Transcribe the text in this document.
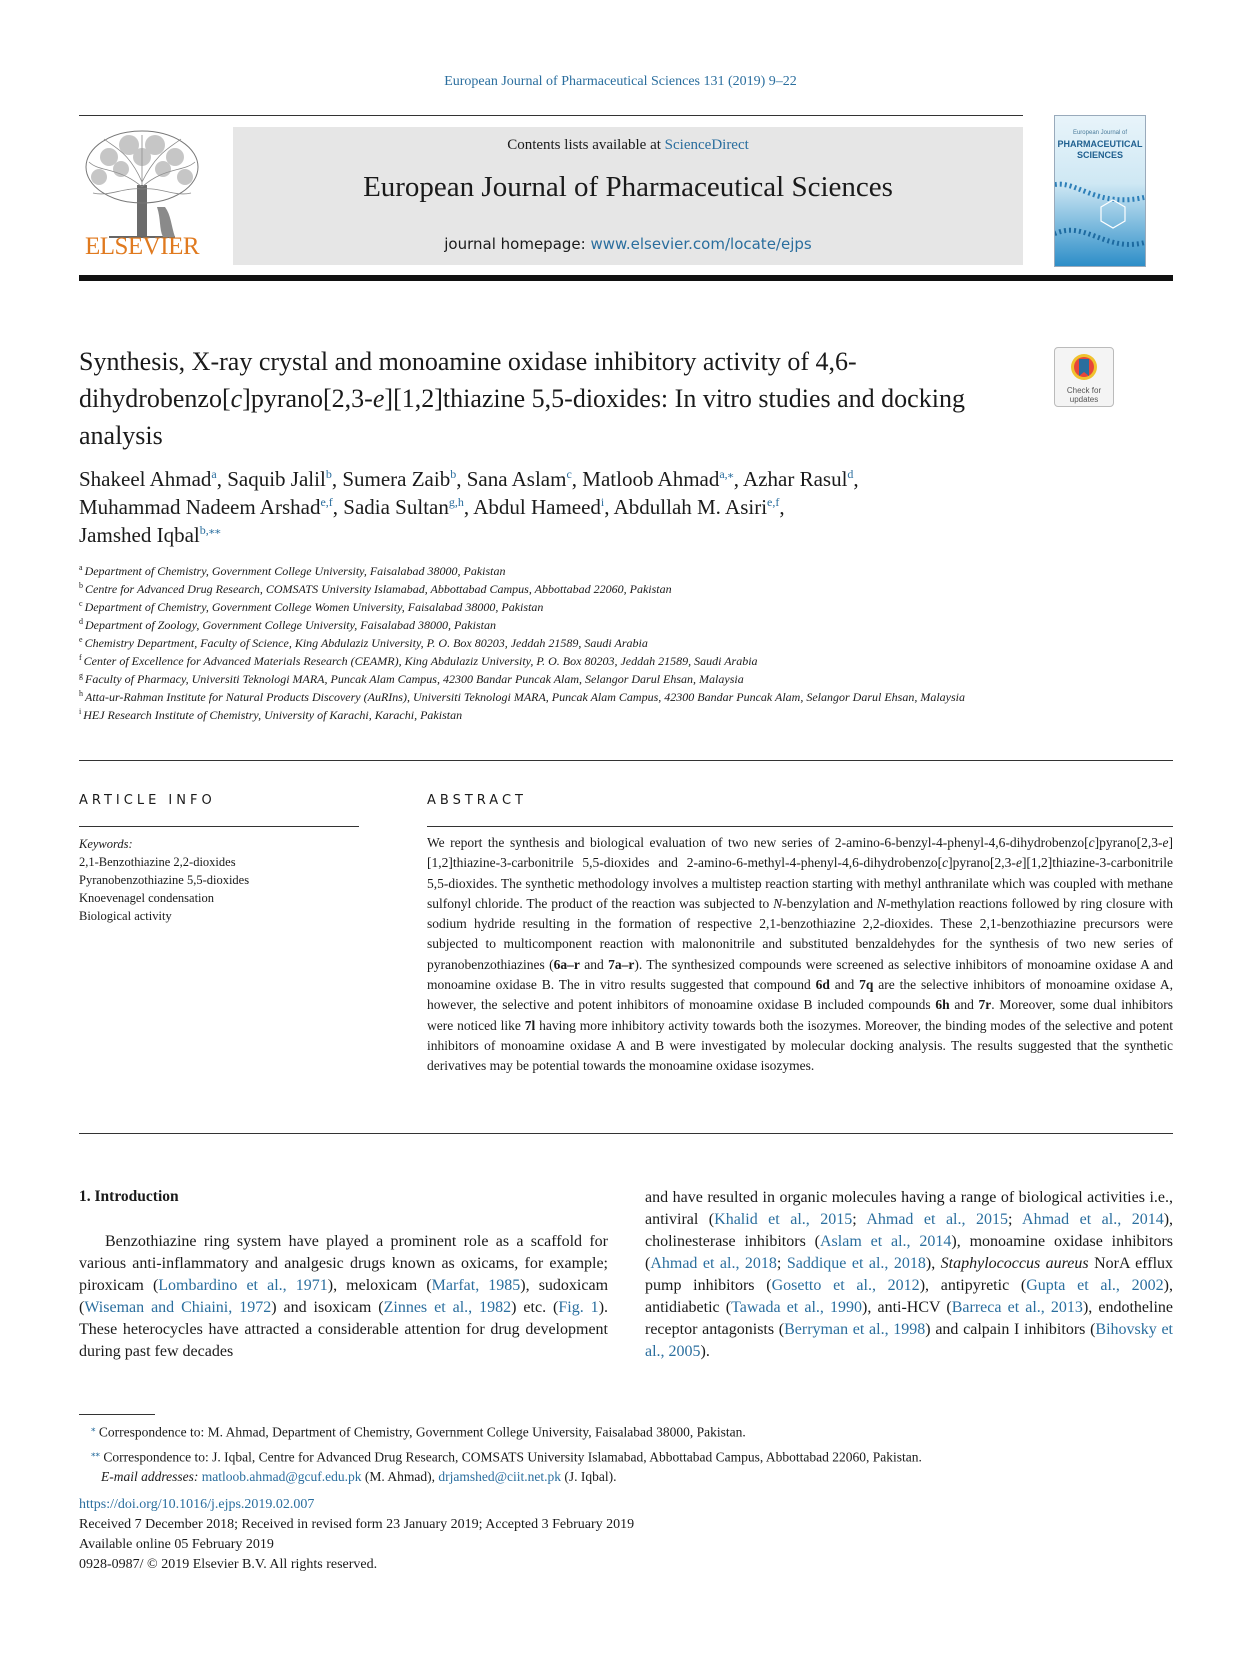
European Journal of Pharmaceutical Sciences 131 (2019) 9–22
ELSEVIER
Contents lists available at ScienceDirect
European Journal of Pharmaceutical Sciences
journal homepage: www.elsevier.com/locate/ejps
European Journal of
PHARMACEUTICAL
SCIENCES
Synthesis, X-ray crystal and monoamine oxidase inhibitory activity of 4,6-dihydrobenzo[c]pyrano[2,3-e][1,2]thiazine 5,5-dioxides: In vitro studies and docking analysis
Check for
updates
Shakeel Ahmad$^a$, Saquib Jalil$^b$, Sumera Zaib$^b$, Sana Aslam$^c$, Matloob Ahmad$^{a,⁎}$, Azhar Rasul$^d$,
Muhammad Nadeem Arshad$^{e,f}$, Sadia Sultan$^{g,h}$, Abdul Hameed$^i$, Abdullah M. Asiri$^{e,f}$,
Jamshed Iqbal$^{b,⁎⁎}$
$^a$ Department of Chemistry, Government College University, Faisalabad 38000, Pakistan
$^b$ Centre for Advanced Drug Research, COMSATS University Islamabad, Abbottabad Campus, Abbottabad 22060, Pakistan
$^c$ Department of Chemistry, Government College Women University, Faisalabad 38000, Pakistan
$^d$ Department of Zoology, Government College University, Faisalabad 38000, Pakistan
$^e$ Chemistry Department, Faculty of Science, King Abdulaziz University, P. O. Box 80203, Jeddah 21589, Saudi Arabia
$^f$ Center of Excellence for Advanced Materials Research (CEAMR), King Abdulaziz University, P. O. Box 80203, Jeddah 21589, Saudi Arabia
$^g$ Faculty of Pharmacy, Universiti Teknologi MARA, Puncak Alam Campus, 42300 Bandar Puncak Alam, Selangor Darul Ehsan, Malaysia
$^h$ Atta-ur-Rahman Institute for Natural Products Discovery (AuRIns), Universiti Teknologi MARA, Puncak Alam Campus, 42300 Bandar Puncak Alam, Selangor Darul Ehsan, Malaysia
$^i$ HEJ Research Institute of Chemistry, University of Karachi, Karachi, Pakistan
ARTICLE INFO	ABSTRACT
Keywords:
2,1-Benzothiazine 2,2-dioxides
Pyranobenzothiazine 5,5-dioxides
Knoevenagel condensation
Biological activity
We report the synthesis and biological evaluation of two new series of 2-amino-6-benzyl-4-phenyl-4,6-dihydrobenzo[c]pyrano[2,3-e][1,2]thiazine-3-carbonitrile 5,5-dioxides and 2-amino-6-methyl-4-phenyl-4,6-dihydrobenzo[c]pyrano[2,3-e][1,2]thiazine-3-carbonitrile 5,5-dioxides. The synthetic methodology involves a multistep reaction starting with methyl anthranilate which was coupled with methane sulfonyl chloride. The product of the reaction was subjected to N-benzylation and N-methylation reactions followed by ring closure with sodium hydride resulting in the formation of respective 2,1-benzothiazine 2,2-dioxides. These 2,1-benzothiazine precursors were subjected to multicomponent reaction with malononitrile and substituted benzaldehydes for the synthesis of two new series of pyranobenzothiazines (6a–r and 7a–r). The synthesized compounds were screened as selective inhibitors of monoamine oxidase A and monoamine oxidase B. The in vitro results suggested that compound 6d and 7q are the selective inhibitors of monoamine oxidase A, however, the selective and potent inhibitors of monoamine oxidase B included compounds 6h and 7r. Moreover, some dual inhibitors were noticed like 7l having more inhibitory activity towards both the isozymes. Moreover, the binding modes of the selective and potent inhibitors of monoamine oxidase A and B were investigated by molecular docking analysis. The results suggested that the synthetic derivatives may be potential towards the monoamine oxidase isozymes.
1. Introduction
Benzothiazine ring system have played a prominent role as a scaffold for various anti-inflammatory and analgesic drugs known as oxicams, for example; piroxicam (Lombardino et al., 1971), meloxicam (Marfat, 1985), sudoxicam (Wiseman and Chiaini, 1972) and isoxicam (Zinnes et al., 1982) etc. (Fig. 1). These heterocycles have attracted a considerable attention for drug development during past few decades
and have resulted in organic molecules having a range of biological activities i.e., antiviral (Khalid et al., 2015; Ahmad et al., 2015; Ahmad et al., 2014), cholinesterase inhibitors (Aslam et al., 2014), monoamine oxidase inhibitors (Ahmad et al., 2018; Saddique et al., 2018), Staphylococcus aureus NorA efflux pump inhibitors (Gosetto et al., 2012), antipyretic (Gupta et al., 2002), antidiabetic (Tawada et al., 1990), anti-HCV (Barreca et al., 2013), endotheline receptor antagonists (Berryman et al., 1998) and calpain I inhibitors (Bihovsky et al., 2005).
⁎ Correspondence to: M. Ahmad, Department of Chemistry, Government College University, Faisalabad 38000, Pakistan.
⁎⁎ Correspondence to: J. Iqbal, Centre for Advanced Drug Research, COMSATS University Islamabad, Abbottabad Campus, Abbottabad 22060, Pakistan.
E-mail addresses: matloob.ahmad@gcuf.edu.pk (M. Ahmad), drjamshed@ciit.net.pk (J. Iqbal).
https://doi.org/10.1016/j.ejps.2019.02.007
Received 7 December 2018; Received in revised form 23 January 2019; Accepted 3 February 2019
Available online 05 February 2019
0928-0987/ © 2019 Elsevier B.V. All rights reserved.
